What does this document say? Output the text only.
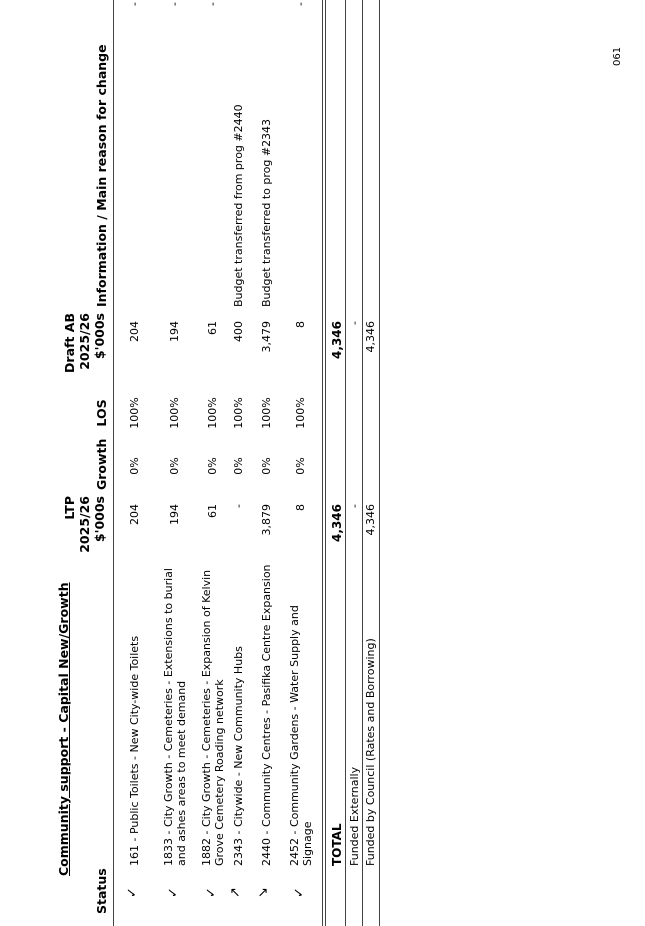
Community support - Capital New/Growth
Status
LTP 2025/26 $'000s
Growth
LOS
Draft AB 2025/26 $'000s
Information / Main reason for change
✓
161 - Public Toilets - New City-wide Toilets
204
0%
100%
204
-
✓
1833 - City Growth - Cemeteries - Extensions to burial and ashes areas to meet demand
194
0%
100%
194
-
✓
1882 - City Growth - Cemeteries - Expansion of Kelvin Grove Cemetery Roading network
61
0%
100%
61
-
↗
2343 - Citywide - New Community Hubs
-
0%
100%
400
Budget transferred from prog #2440
↘
2440 - Community Centres - Pasifika Centre Expansion
3,879
0%
100%
3,479
Budget transferred to prog #2343
✓
2452 - Community Gardens - Water Supply and Signage
8
0%
100%
8
-
TOTAL
4,346
4,346
Funded Externally
-
-
Funded by Council (Rates and Borrowing)
4,346
4,346
061
